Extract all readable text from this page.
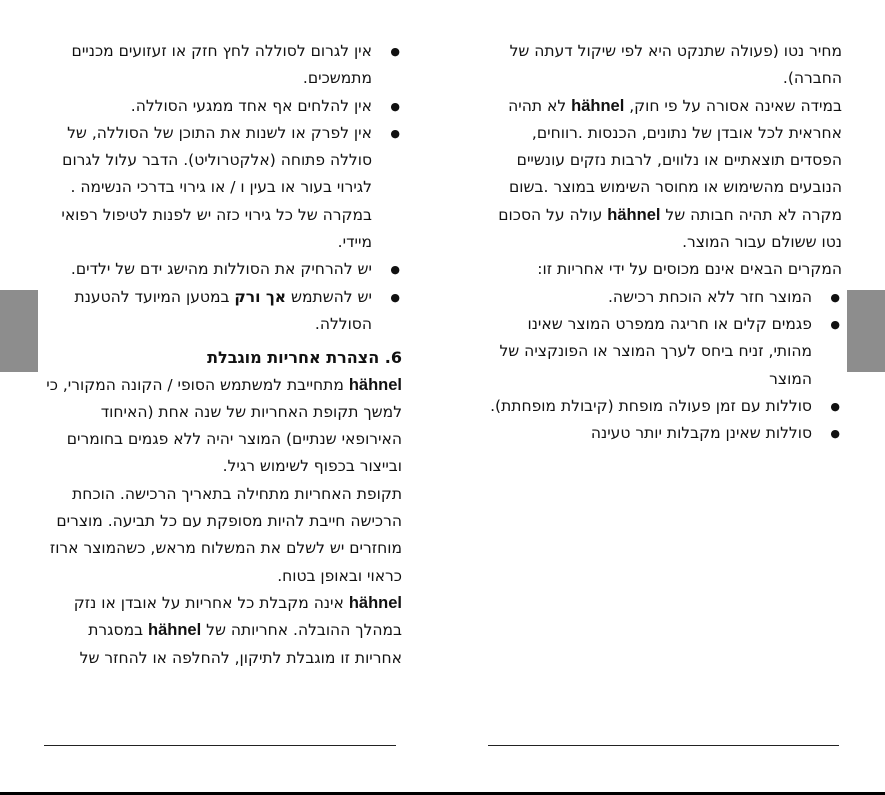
● אין לגרום לסוללה לחץ חזק או זעזועים מכניים מתמשכים.
● אין להלחים אף אחד ממגעי הסוללה.
● אין לפרק או לשנות את התוכן של הסוללה, של סוללה פתוחה (אלקטרוליט). הדבר עלול לגרום לגירוי בעור או בעין ו / או גירוי בדרכי הנשימה . במקרה של כל גירוי כזה יש לפנות לטיפול רפואי מיידי.
● יש להרחיק את הסוללות מהישג ידם של ילדים.
● יש להשתמש אך ורק במטען המיועד להטענת הסוללה.

6. הצהרת אחריות מוגבלת

hähnel מתחייבת למשתמש הסופי / הקונה המקורי, כי למשך תקופת האחריות של שנה אחת (האיחוד האירופאי שנתיים) המוצר יהיה ללא פגמים בחומרים ובייצור בכפוף לשימוש רגיל.

תקופת האחריות מתחילה בתאריך הרכישה. הוכחת הרכישה חייבת להיות מסופקת עם כל תביעה. מוצרים מוחזרים יש לשלם את המשלוח מראש, כשהמוצר ארוז כראוי ובאופן בטוח.

hähnel אינה מקבלת כל אחריות על אובדן או נזק במהלך ההובלה. אחריותה של hähnel במסגרת אחריות זו מוגבלת לתיקון, להחלפה או להחזר של

מחיר נטו (פעולה שתנקט היא לפי שיקול דעתה של החברה).

במידה שאינה אסורה על פי חוק, hähnel לא תהיה אחראית לכל אובדן של נתונים, הכנסות .רווחים, הפסדים תוצאתיים או נלווים, לרבות נזקים עונשיים הנובעים מהשימוש או מחוסר השימוש במוצר .בשום מקרה לא תהיה חבותה של hähnel עולה על הסכום נטו ששולם עבור המוצר.

המקרים הבאים אינם מכוסים על ידי אחריות זו:

● המוצר חזר ללא הוכחת רכישה.
● פגמים קלים או חריגה ממפרט המוצר שאינו מהותי, זניח ביחס לערך המוצר או הפונקציה של המוצר
● סוללות עם זמן פעולה מופחת (קיבולת מופחתת).
● סוללות שאינן מקבלות יותר טעינה
